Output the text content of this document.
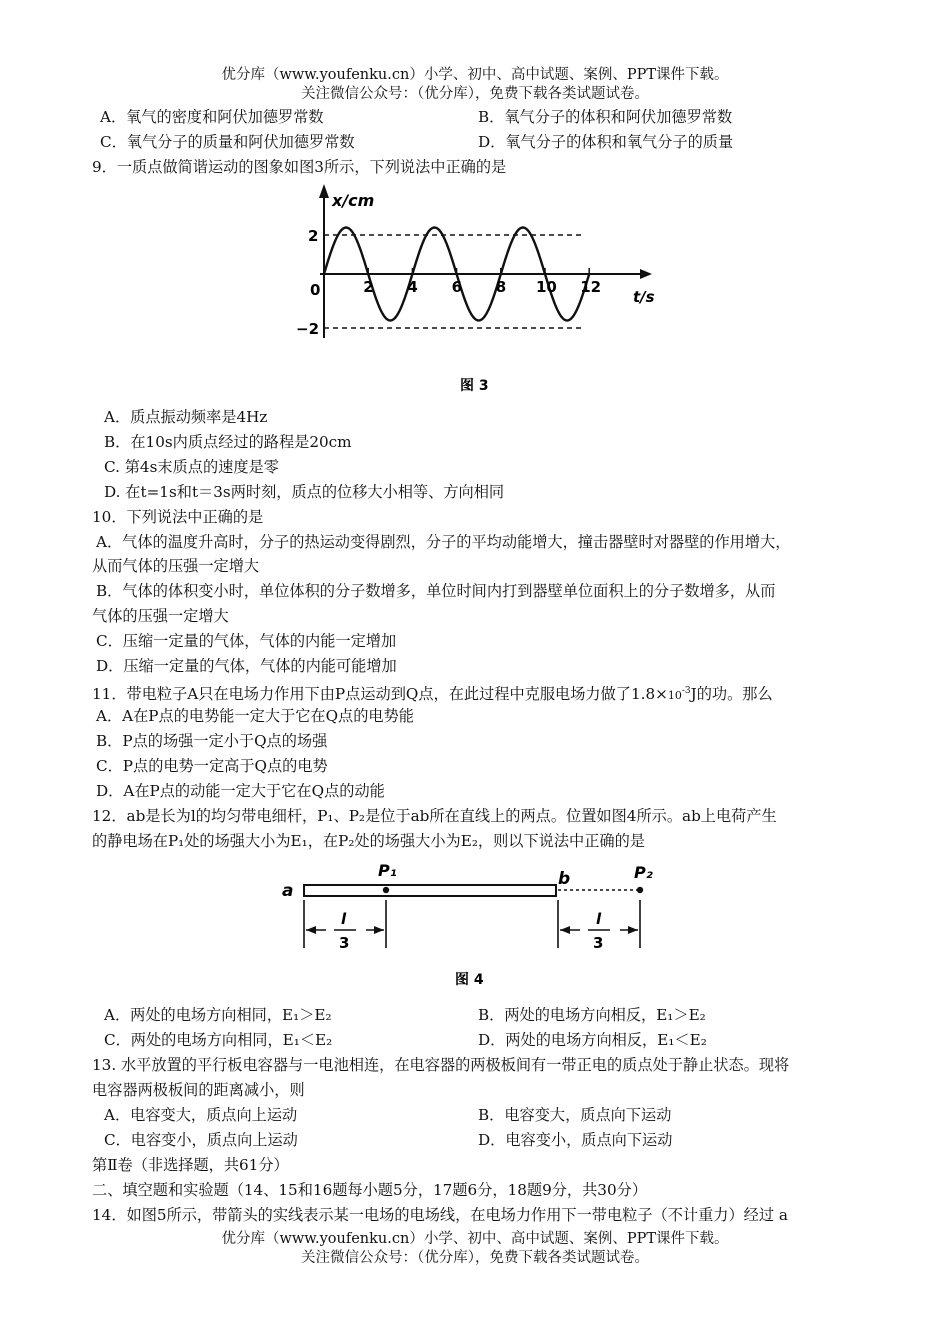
优分库（www.youfenku.cn）小学、初中、高中试题、案例、PPT课件下载。
关注微信公众号：（优分库），免费下载各类试题试卷。
A．氧气的密度和阿伏加德罗常数	B．氧气分子的体积和阿伏加德罗常数
C．氧气分子的质量和阿伏加德罗常数	D．氧气分子的体积和氧气分子的质量
9．一质点做简谐运动的图象如图3所示，下列说法中正确的是
2 4 6 8 10 12
x/cm
t/s
2
0
−2
图 3
A．质点振动频率是4Hz
B．在10s内质点经过的路程是20cm
C. 第4s末质点的速度是零
D. 在t=1s和t＝3s两时刻，质点的位移大小相等、方向相同
10．下列说法中正确的是
A．气体的温度升高时，分子的热运动变得剧烈，分子的平均动能增大，撞击器壁时对器壁的作用增大，
从而气体的压强一定增大
B．气体的体积变小时，单位体积的分子数增多，单位时间内打到器壁单位面积上的分子数增多，从而
气体的压强一定增大
C．压缩一定量的气体，气体的内能一定增加
D．压缩一定量的气体，气体的内能可能增加
11．带电粒子A只在电场力作用下由P点运动到Q点，在此过程中克服电场力做了$1.8\times 10^{-3}J$的功。那么
A．A在P点的电势能一定大于它在Q点的电势能
B．P点的场强一定小于Q点的场强
C．P点的电势一定高于Q点的电势
D．A在P点的动能一定大于它在Q点的动能
12．ab是长为l的均匀带电细杆，P₁、P₂是位于ab所在直线上的两点。位置如图4所示。ab上电荷产生
的静电场在P₁处的场强大小为E₁，在P₂处的场强大小为E₂，则以下说法中正确的是
a
P₁	b	P₂
l
3
l
3
图 4
A．两处的电场方向相同，E₁＞E₂	B．两处的电场方向相反，E₁＞E₂
C．两处的电场方向相同，E₁＜E₂	D．两处的电场方向相反，E₁＜E₂
13. 水平放置的平行板电容器与一电池相连，在电容器的两极板间有一带正电的质点处于静止状态。现将
电容器两极板间的距离减小，则
A．电容变大，质点向上运动	B．电容变大，质点向下运动
C．电容变小，质点向上运动	D．电容变小，质点向下运动
第Ⅱ卷（非选择题，共61分）
二、填空题和实验题（14、15和16题每小题5分，17题6分，18题9分，共30分）
14．如图5所示，带箭头的实线表示某一电场的电场线，在电场力作用下一带电粒子（不计重力）经过 a
优分库（www.youfenku.cn）小学、初中、高中试题、案例、PPT课件下载。
关注微信公众号：（优分库），免费下载各类试题试卷。
